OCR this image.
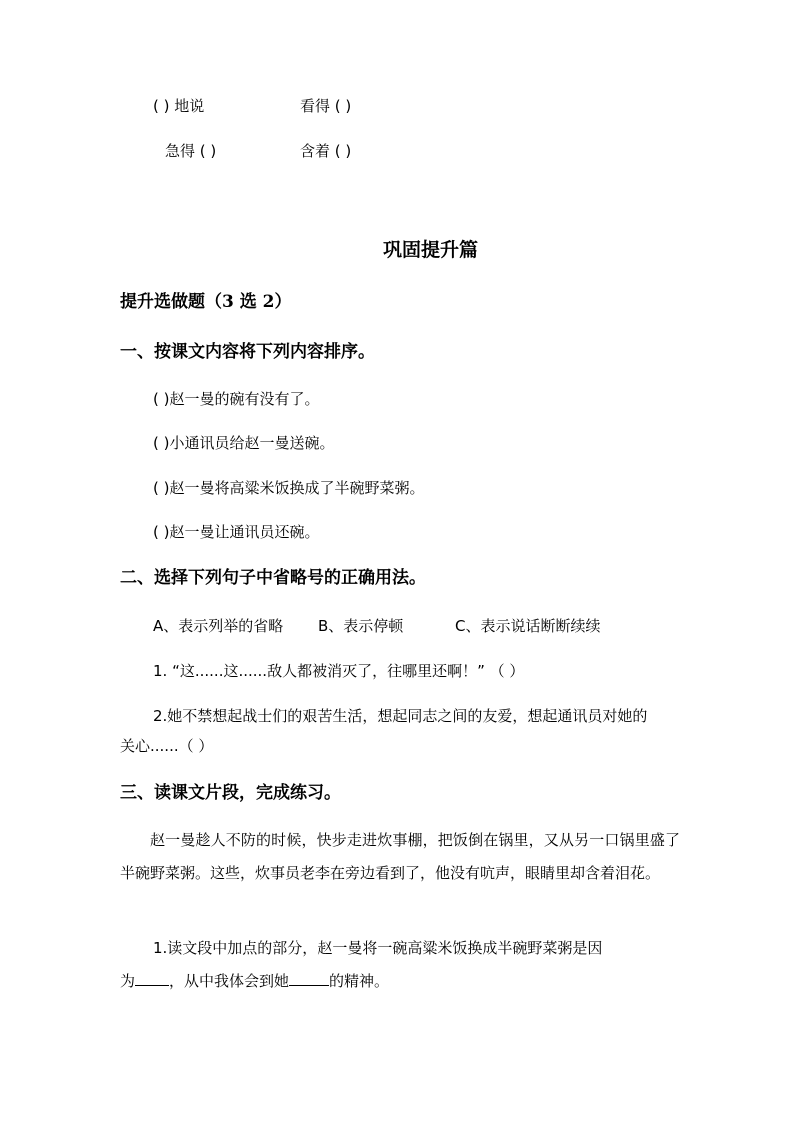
( ) 地说	看得 ( )
急得 ( )	含着 ( )
巩固提升篇
提升选做题（3 选 2）
一、按课文内容将下列内容排序。
( )赵一曼的碗有没有了。
( )小通讯员给赵一曼送碗。
( )赵一曼将高粱米饭换成了半碗野菜粥。
( )赵一曼让通讯员还碗。
二、选择下列句子中省略号的正确用法。
A、表示列举的省略 B、表示停顿	C、表示说话断断续续
1. “这......这......敌人都被消灭了，往哪里还啊！” （ ）
2.她不禁想起战士们的艰苦生活，想起同志之间的友爱，想起通讯员对她的
关心......（ ）
三、读课文片段，完成练习。
赵一曼趁人不防的时候，快步走进炊事棚，把饭倒在锅里，又从另一口锅里盛了半碗野菜粥。这些，炊事员老李在旁边看到了，他没有吭声，眼睛里却含着泪花。
1.读文段中加点的部分，赵一曼将一碗高粱米饭换成半碗野菜粥是因
为 ，从中我体会到她	的精神。
